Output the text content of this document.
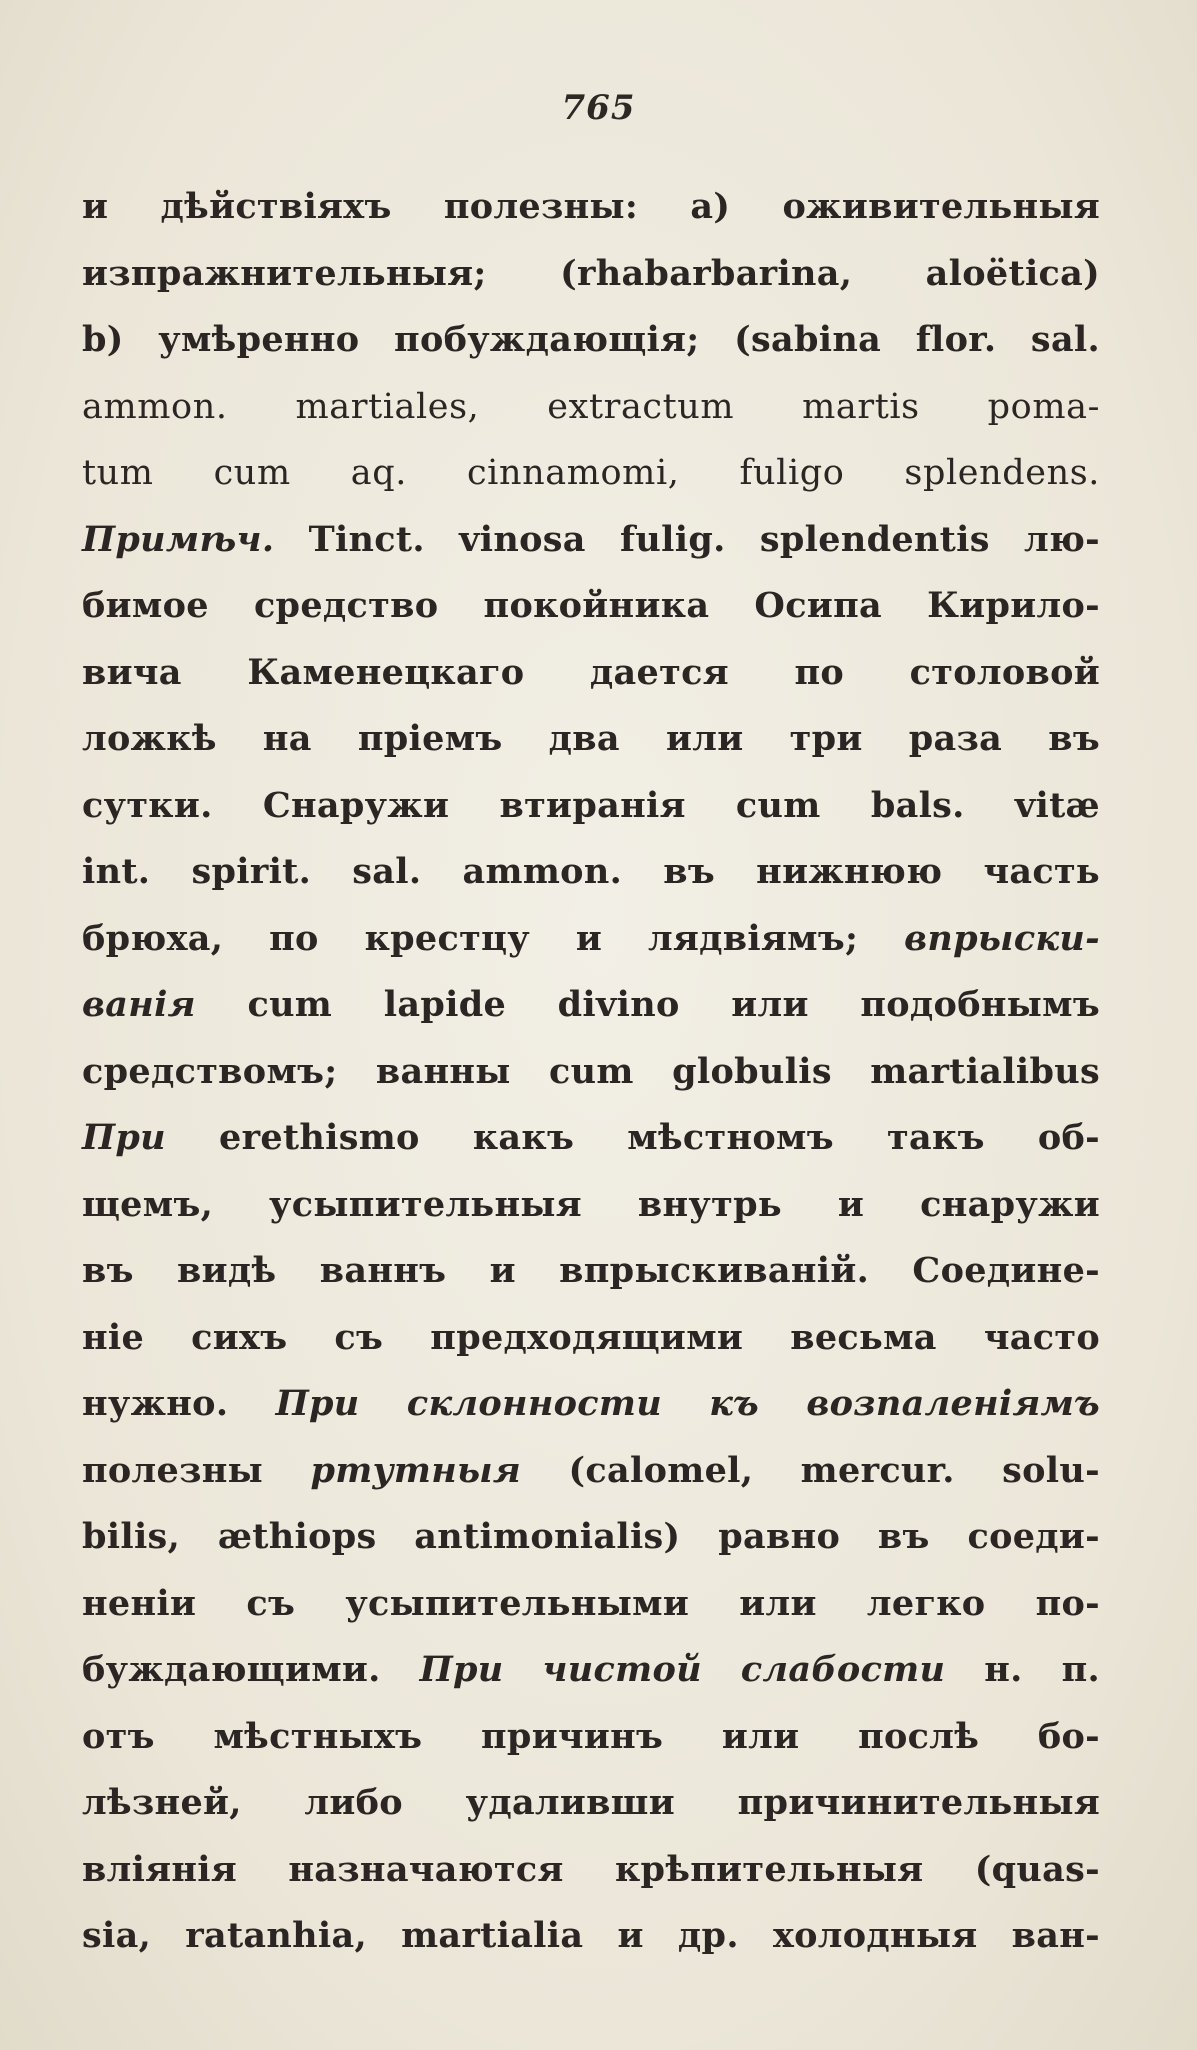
765
и дѣйствіяхъ полезны: а) оживительныя
изпражнительныя; (rhabarbarina, aloëtica)
b) умѣренно побуждающія; (sabina flor. sal.
ammon. martiales, extractum martis poma-
tum cum aq. cinnamomi, fuligo splendens.
Примѣч. Tinct. vinosa fulig. splendentis лю-
бимое средство покойника Осипа Кирило-
вича Каменецкаго дается по столовой
ложкѣ на пріемъ два или три раза въ
сутки. Снаружи втиранія cum bals. vitæ
int. spirit. sal. ammon. въ нижнюю часть
брюха, по крестцу и лядвіямъ; впрыски-
ванія cum lapide divino или подобнымъ
средствомъ; ванны cum globulis martialibus
При erethismo какъ мѣстномъ такъ об-
щемъ, усыпительныя внутрь и снаружи
въ видѣ ваннъ и впрыскиваній. Соедине-
ніе сихъ съ предходящими весьма часто
нужно. При склонности къ возпаленіямъ
полезны ртутныя (calomel, mercur. solu-
bilis, æthiops antimonialis) равно въ соеди-
неніи съ усыпительными или легко по-
буждающими. При чистой слабости н. п.
отъ мѣстныхъ причинъ или послѣ бо-
лѣзней, либо удаливши причинительныя
вліянія назначаются крѣпительныя (quas-
sia, ratanhia, martialia и др. холодныя ван-
